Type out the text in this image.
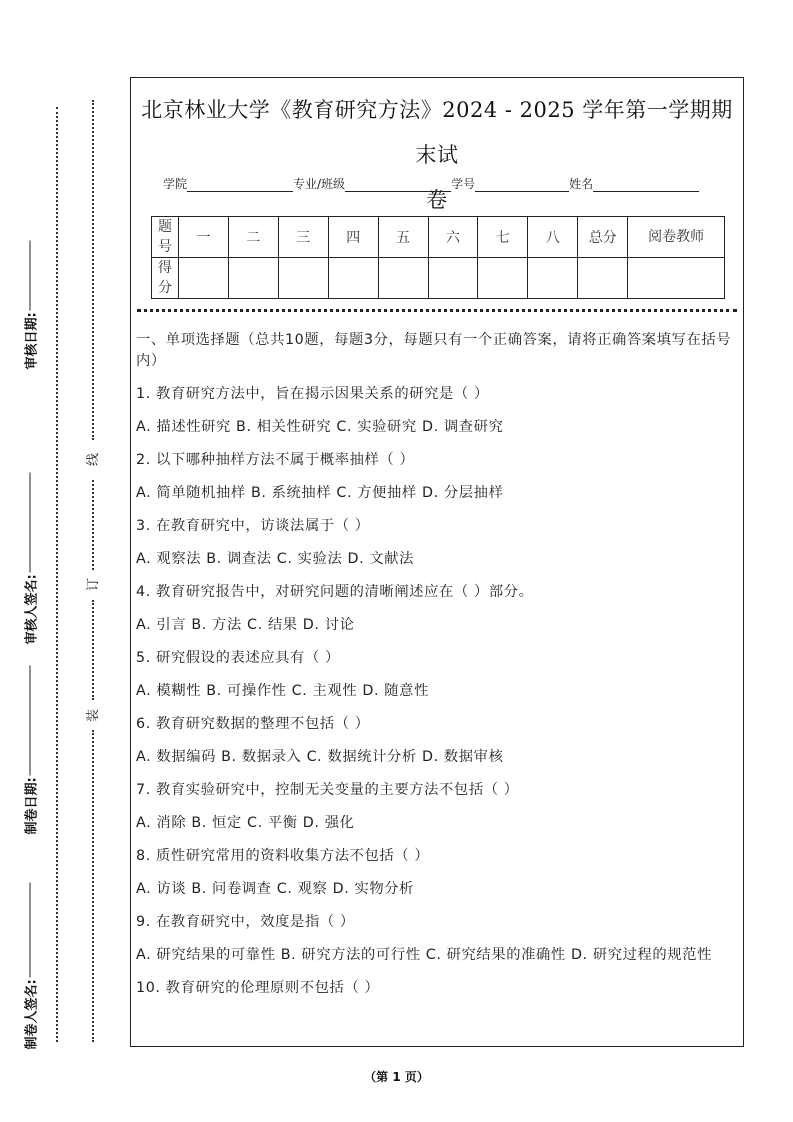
审核日期:
审核人签名:
制卷日期:
制卷人签名:
线
订
装
北京林业大学《教育研究方法》2024 - 2025 学年第一学期期末试
卷
学院	专业/班级	学号	姓名
题号	一	二	三	四	五	六	七	八	总分	阅卷教师
得分										

一、单项选择题（总共10题，每题3分，每题只有一个正确答案，请将正确答案填写在括号内）

1. 教育研究方法中，旨在揭示因果关系的研究是（ ）

A. 描述性研究 B. 相关性研究 C. 实验研究 D. 调查研究

2. 以下哪种抽样方法不属于概率抽样（ ）

A. 简单随机抽样 B. 系统抽样 C. 方便抽样 D. 分层抽样

3. 在教育研究中，访谈法属于（ ）

A. 观察法 B. 调查法 C. 实验法 D. 文献法

4. 教育研究报告中，对研究问题的清晰阐述应在（ ）部分。

A. 引言 B. 方法 C. 结果 D. 讨论

5. 研究假设的表述应具有（ ）

A. 模糊性 B. 可操作性 C. 主观性 D. 随意性

6. 教育研究数据的整理不包括（ ）

A. 数据编码 B. 数据录入 C. 数据统计分析 D. 数据审核

7. 教育实验研究中，控制无关变量的主要方法不包括（ ）

A. 消除 B. 恒定 C. 平衡 D. 强化

8. 质性研究常用的资料收集方法不包括（ ）

A. 访谈 B. 问卷调查 C. 观察 D. 实物分析

9. 在教育研究中，效度是指（ ）

A. 研究结果的可靠性 B. 研究方法的可行性 C. 研究结果的准确性 D. 研究过程的规范性

10. 教育研究的伦理原则不包括（ ）

（第 1 页）
